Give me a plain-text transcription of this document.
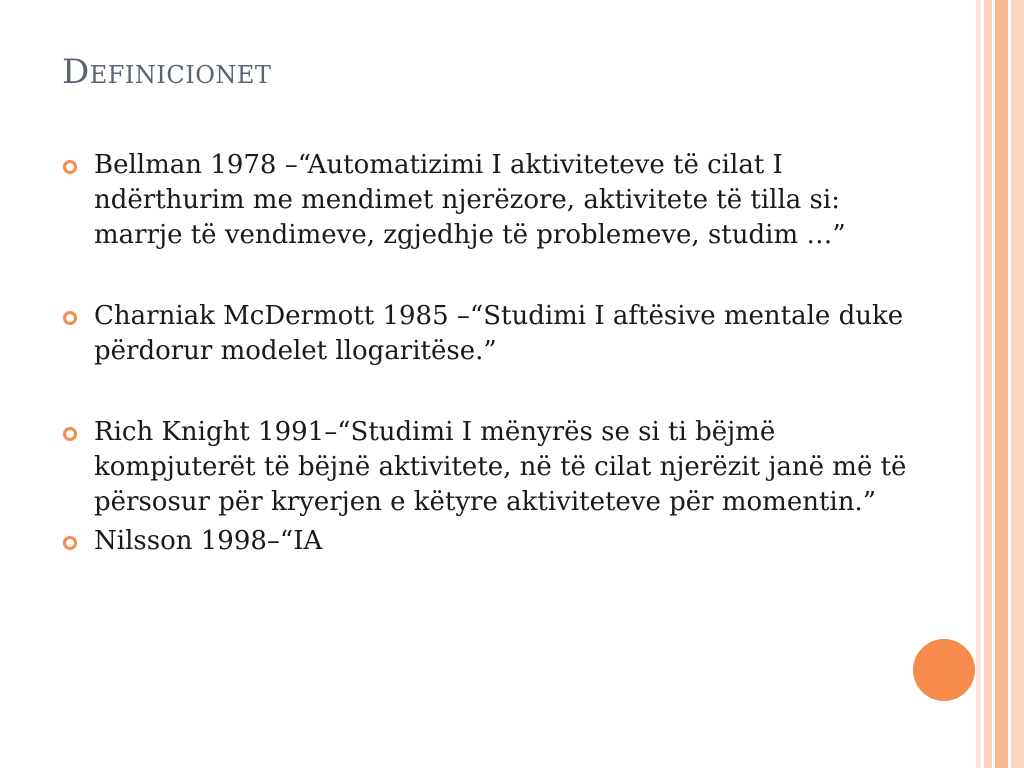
Definicionet
Bellman 1978 –“Automatizimi I aktiviteteve të cilat I ndërthurim me mendimet njerëzore, aktivitete të tilla si: marrje të vendimeve, zgjedhje të problemeve, studim …”
Charniak McDermott 1985 –“Studimi I aftësive mentale duke përdorur modelet llogaritëse.”
Rich Knight 1991–“Studimi I mënyrës se si ti bëjmë kompjuterët të bëjnë aktivitete, në të cilat njerëzit janë më të përsosur për kryerjen e këtyre aktiviteteve për momentin.”
Nilsson 1998–“IA
